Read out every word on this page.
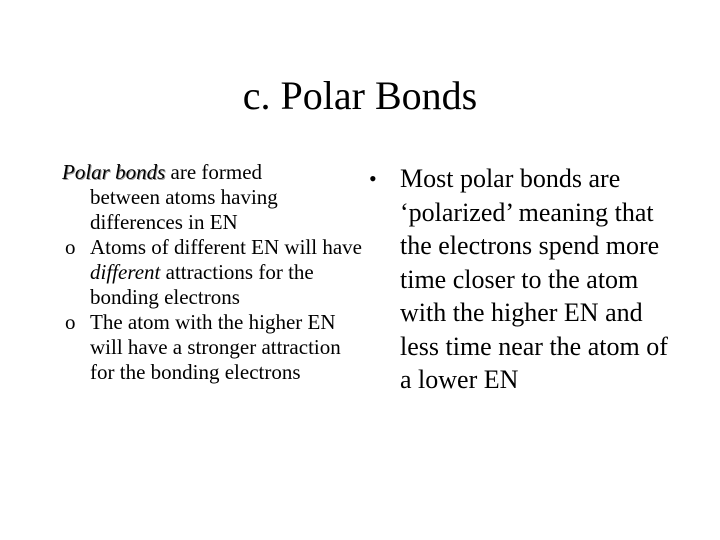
c. Polar Bonds

Polar bonds are formed

between atoms having differences in EN

o Atoms of different EN will have different attractions for the bonding electrons
o The atom with the higher EN will have a stronger attraction for the bonding electrons

• Most polar bonds are ‘polarized’ meaning that the electrons spend more time closer to the atom with the higher EN and less time near the atom of a lower EN
